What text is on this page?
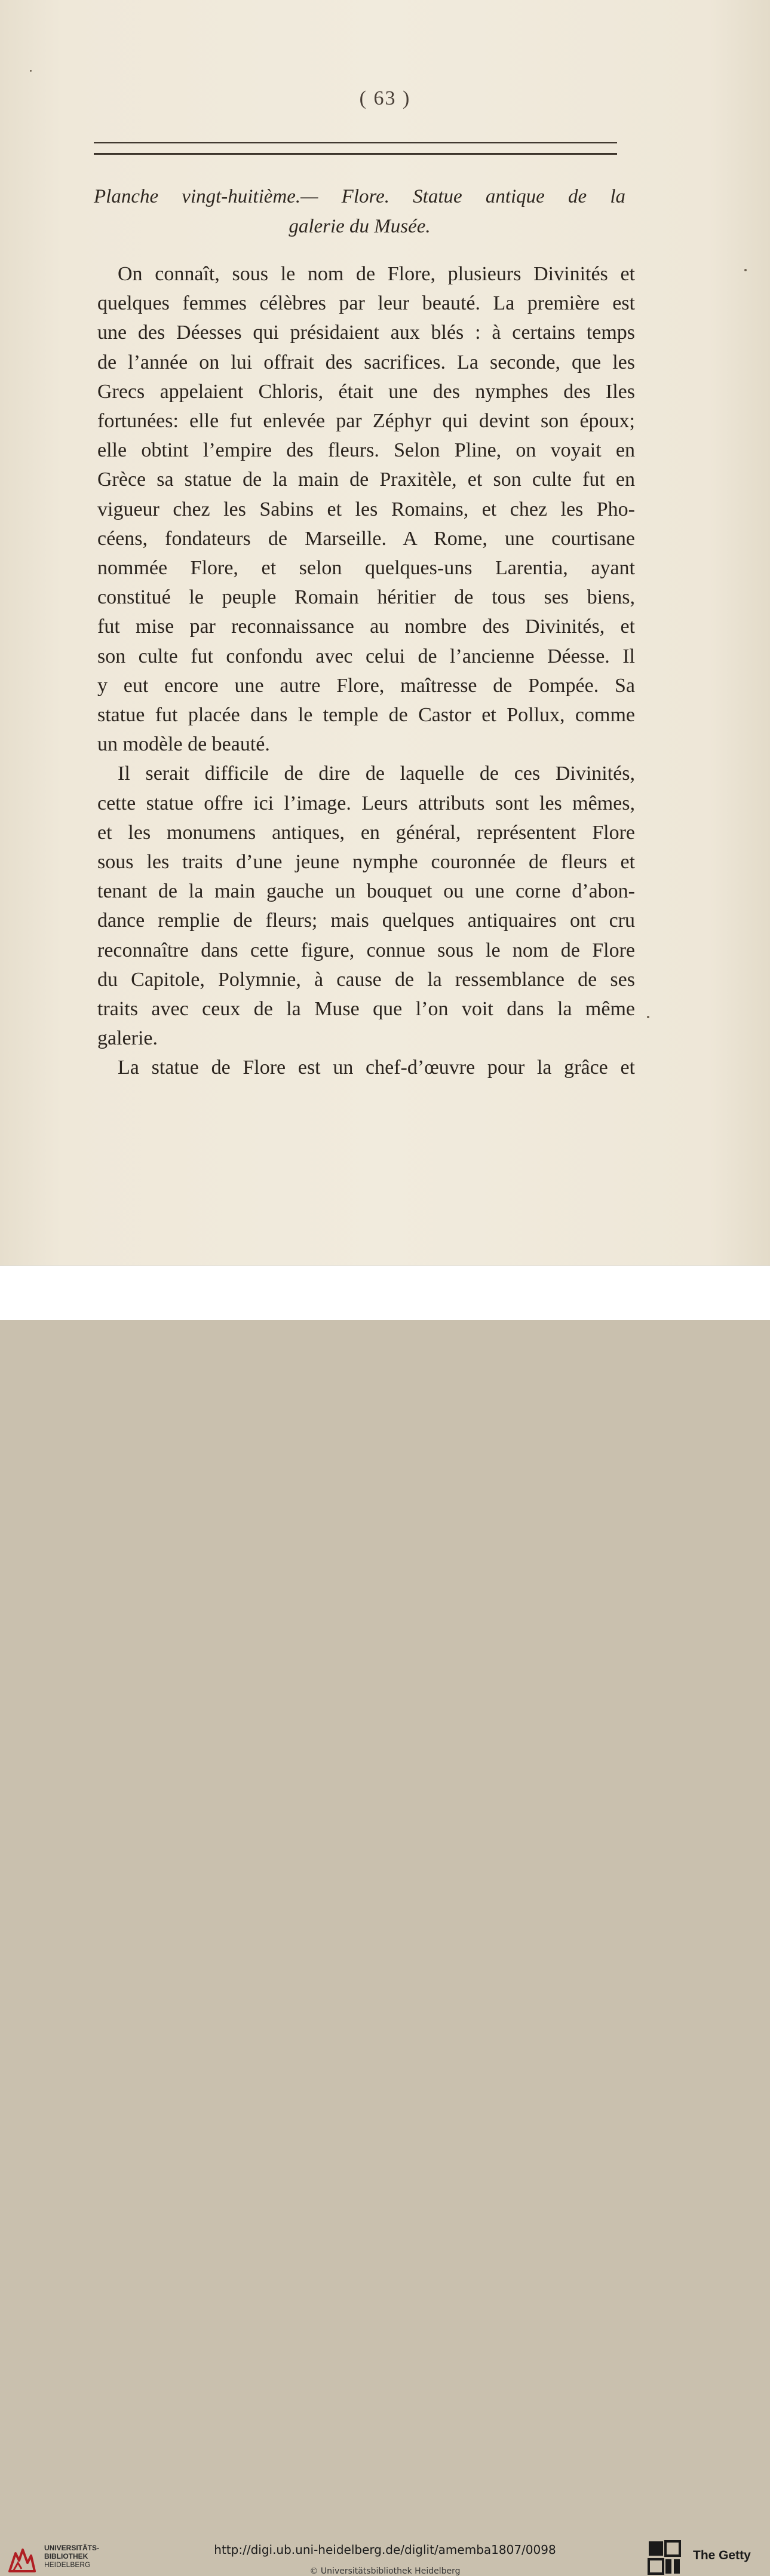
( 63 )
Planche vingt-huitième.— Flore. Statue antique de la
galerie du Musée.
On connaît, sous le nom de Flore, plusieurs Divinités et
quelques femmes célèbres par leur beauté. La première est
une des Déesses qui présidaient aux blés : à certains temps
de l’année on lui offrait des sacrifices. La seconde, que les
Grecs appelaient Chloris, était une des nymphes des Iles
fortunées: elle fut enlevée par Zéphyr qui devint son époux;
elle obtint l’empire des fleurs. Selon Pline, on voyait en
Grèce sa statue de la main de Praxitèle, et son culte fut en
vigueur chez les Sabins et les Romains, et chez les Pho-
céens, fondateurs de Marseille. A Rome, une courtisane
nommée Flore, et selon quelques-uns Larentia, ayant
constitué le peuple Romain héritier de tous ses biens,
fut mise par reconnaissance au nombre des Divinités, et
son culte fut confondu avec celui de l’ancienne Déesse. Il
y eut encore une autre Flore, maîtresse de Pompée. Sa
statue fut placée dans le temple de Castor et Pollux, comme
un modèle de beauté.
Il serait difficile de dire de laquelle de ces Divinités,
cette statue offre ici l’image. Leurs attributs sont les mêmes,
et les monumens antiques, en général, représentent Flore
sous les traits d’une jeune nymphe couronnée de fleurs et
tenant de la main gauche un bouquet ou une corne d’abon-
dance remplie de fleurs; mais quelques antiquaires ont cru
reconnaître dans cette figure, connue sous le nom de Flore
du Capitole, Polymnie, à cause de la ressemblance de ses
traits avec ceux de la Muse que l’on voit dans la même
galerie.
La statue de Flore est un chef-d’œuvre pour la grâce et
UNIVERSITÄTS-
BIBLIOTHEK
HEIDELBERG
http://digi.ub.uni-heidelberg.de/diglit/amemba1807/0098
© Universitätsbibliothek Heidelberg
The Getty
